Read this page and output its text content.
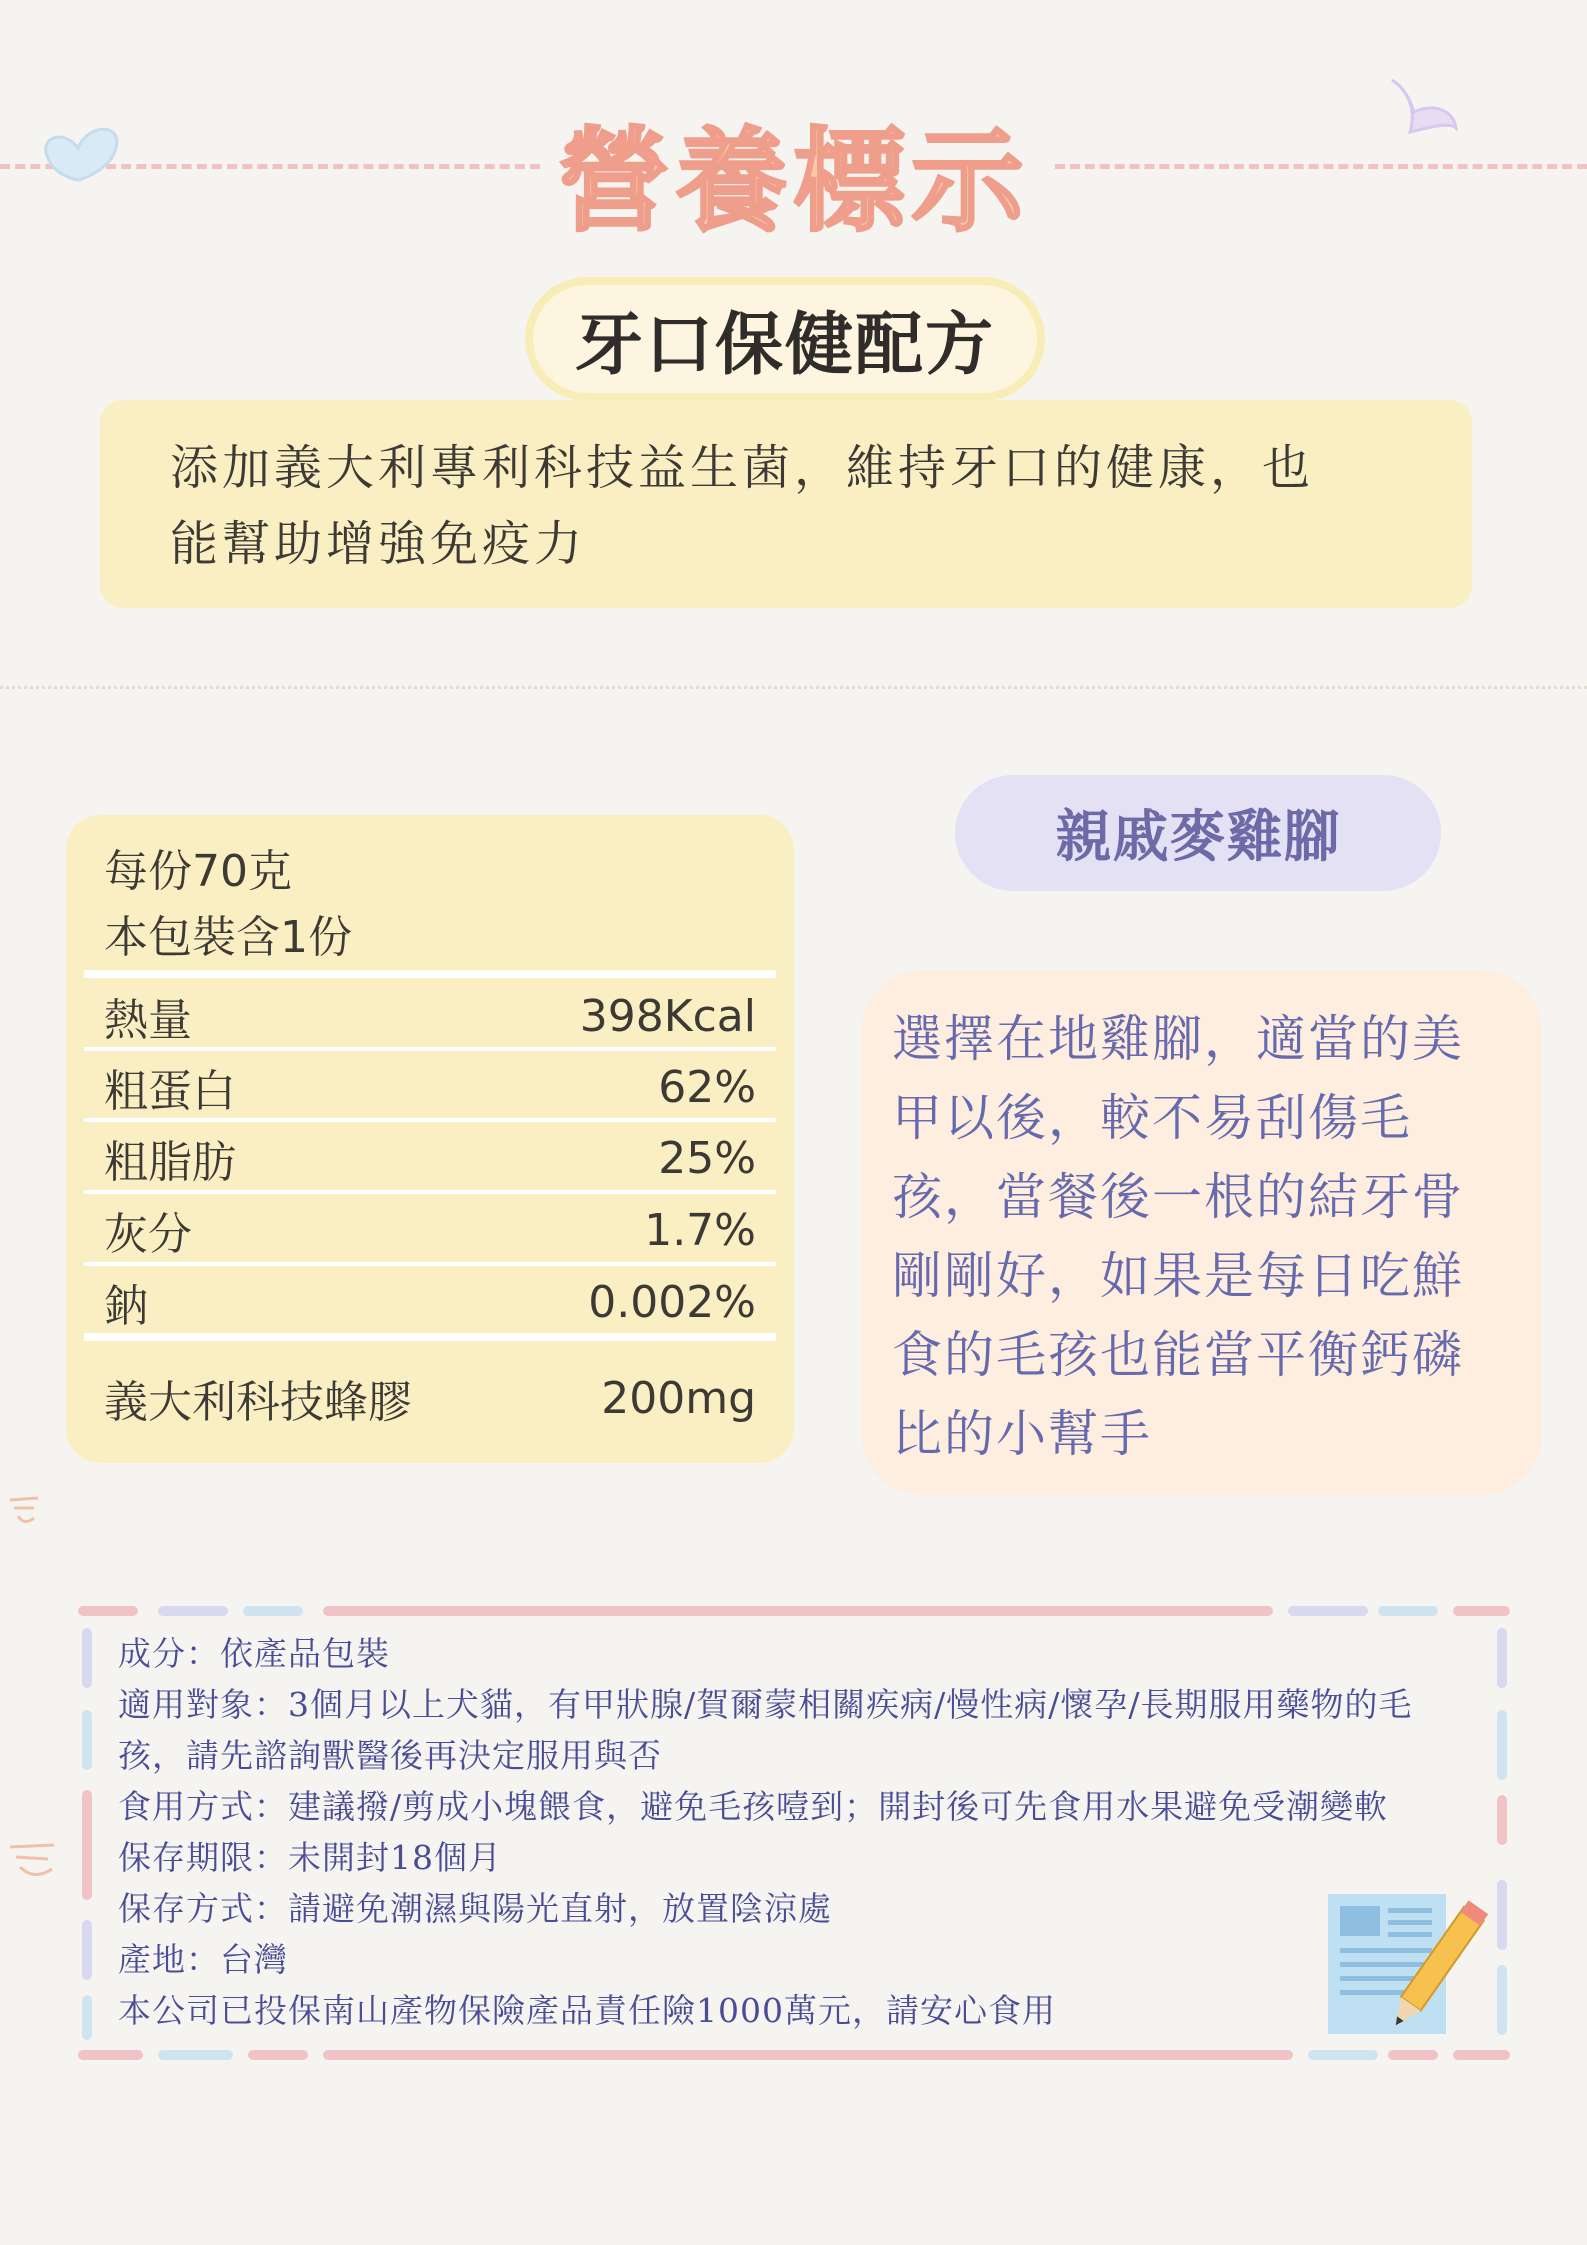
營養標示
牙口保健配方
添加義大利專利科技益生菌，維持牙口的健康，也
能幫助增強免疫力
每份70克
本包裝含1份
熱量	398Kcal
粗蛋白	62%
粗脂肪	25%
灰分	1.7%
鈉	0.002%
義大利科技蜂膠	200mg
親戚麥雞腳
選擇在地雞腳，適當的美
甲以後，較不易刮傷毛
孩，當餐後一根的結牙骨
剛剛好，如果是每日吃鮮
食的毛孩也能當平衡鈣磷
比的小幫手
成分：依產品包裝
適用對象：3個月以上犬貓，有甲狀腺/賀爾蒙相關疾病/慢性病/懷孕/長期服用藥物的毛
孩，請先諮詢獸醫後再決定服用與否
食用方式：建議撥/剪成小塊餵食，避免毛孩噎到；開封後可先食用水果避免受潮變軟
保存期限：未開封18個月
保存方式：請避免潮濕與陽光直射，放置陰涼處
產地：台灣
本公司已投保南山產物保險產品責任險1000萬元，請安心食用
